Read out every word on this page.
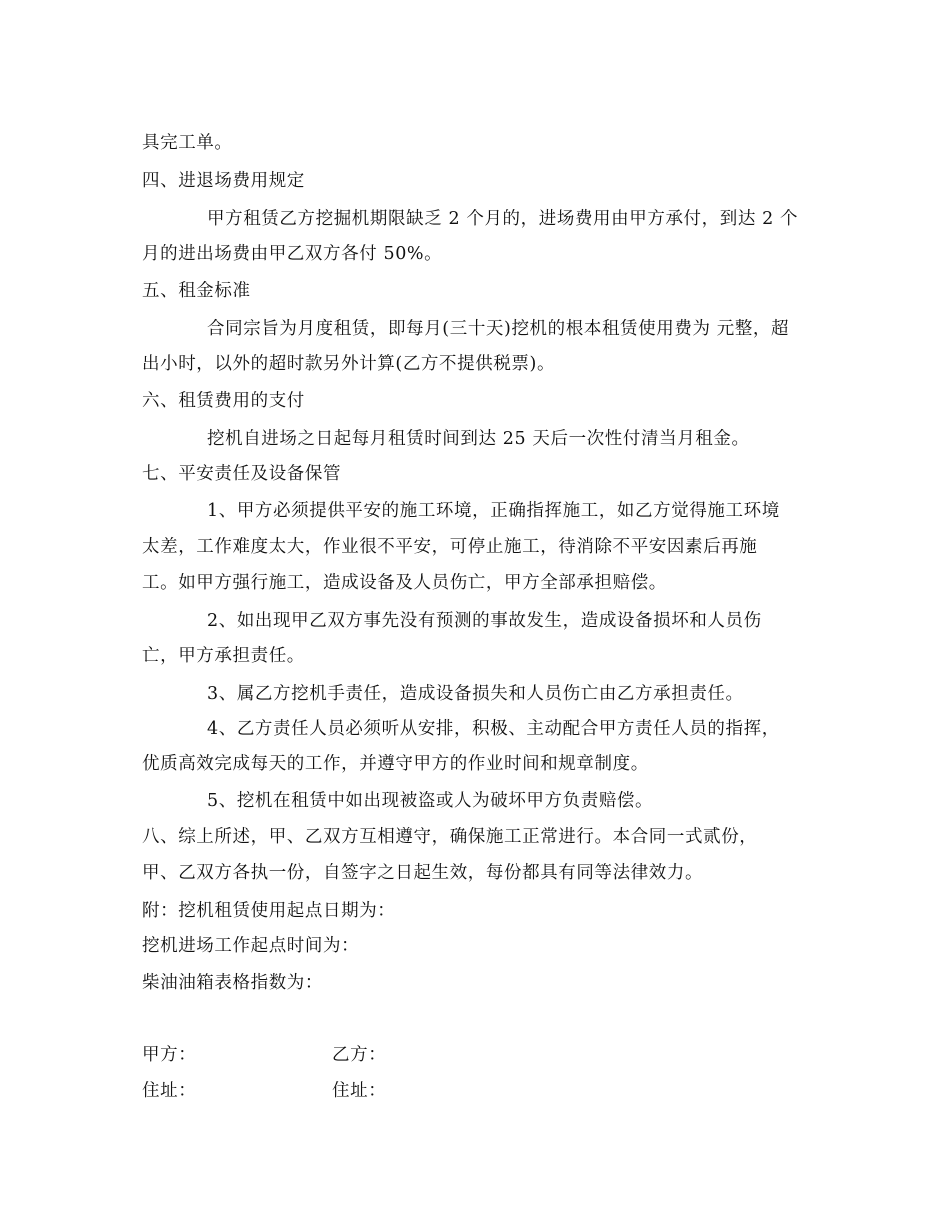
具完工单。
四、进退场费用规定
甲方租赁乙方挖掘机期限缺乏 2 个月的，进场费用由甲方承付，到达 2 个
月的进出场费由甲乙双方各付 50%。
五、租金标准
合同宗旨为月度租赁，即每月(三十天)挖机的根本租赁使用费为 元整，超
出小时，以外的超时款另外计算(乙方不提供税票)。
六、租赁费用的支付
挖机自进场之日起每月租赁时间到达 25 天后一次性付清当月租金。
七、平安责任及设备保管
1、甲方必须提供平安的施工环境，正确指挥施工，如乙方觉得施工环境
太差，工作难度太大，作业很不平安，可停止施工，待消除不平安因素后再施
工。如甲方强行施工，造成设备及人员伤亡，甲方全部承担赔偿。
2、如出现甲乙双方事先没有预测的事故发生，造成设备损坏和人员伤
亡，甲方承担责任。
3、属乙方挖机手责任，造成设备损失和人员伤亡由乙方承担责任。
4、乙方责任人员必须听从安排，积极、主动配合甲方责任人员的指挥，
优质高效完成每天的工作，并遵守甲方的作业时间和规章制度。
5、挖机在租赁中如出现被盗或人为破坏甲方负责赔偿。
八、综上所述，甲、乙双方互相遵守，确保施工正常进行。本合同一式贰份，
甲、乙双方各执一份，自签字之日起生效，每份都具有同等法律效力。
附：挖机租赁使用起点日期为：
挖机进场工作起点时间为：
柴油油箱表格指数为：
甲方：	乙方：
住址：	住址：
